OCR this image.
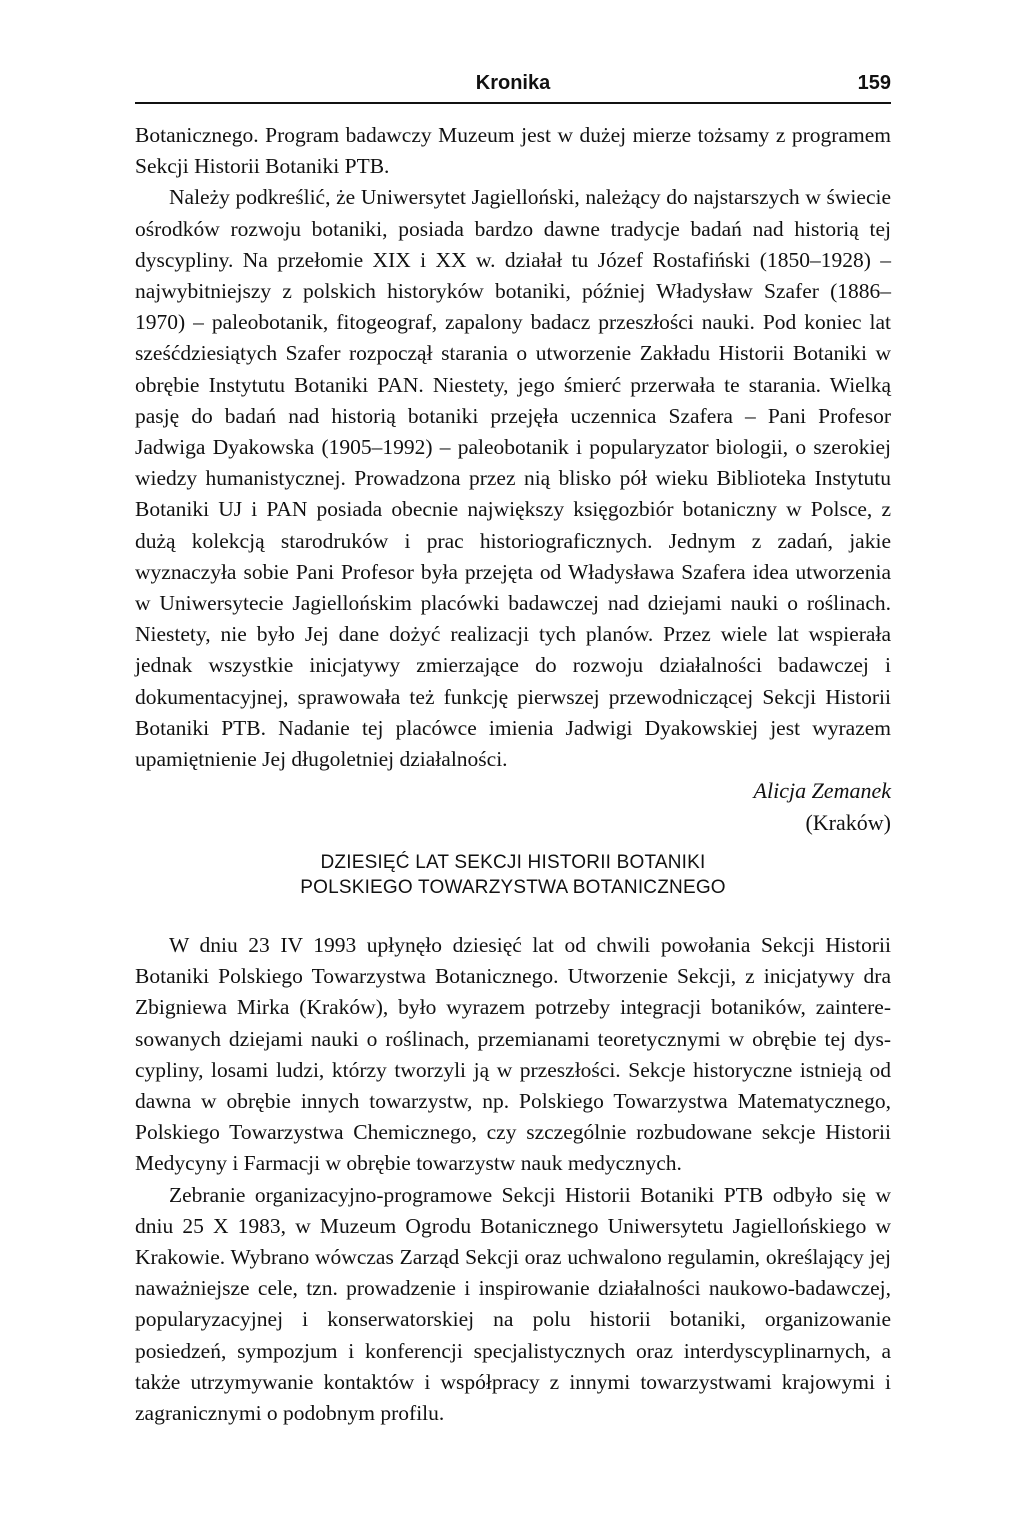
Kronika	159

Botanicznego. Program badawczy Muzeum jest w dużej mierze tożsamy z programem Sekcji Historii Botaniki PTB.

Należy podkreślić, że Uniwersytet Jagielloński, należący do najstarszych w świecie ośrodków rozwoju botaniki, posiada bardzo dawne tradycje badań nad historią tej dyscypliny. Na przełomie XIX i XX w. działał tu Józef Rostafiński (1850–1928) – najwybitniejszy z polskich historyków botaniki, później Władysław Szafer (1886–1970) – paleobotanik, fitogeograf, zapalony badacz przeszłości nauki. Pod koniec lat sześćdziesiątych Szafer rozpoczął starania o utworzenie Zakładu Historii Botaniki w obrębie Instytutu Botaniki PAN. Niestety, jego śmierć przerwała te starania. Wielką pasję do badań nad historią botaniki przejęła uczennica Szafera – Pani Profesor Jadwiga Dyakowska (1905–1992) – paleobotanik i popularyzator biologii, o szerokiej wiedzy humanistycznej. Prowadzona przez nią blisko pół wieku Biblioteka Instytutu Botaniki UJ i PAN posiada obecnie największy księgozbiór botaniczny w Polsce, z dużą kolekcją starodruków i prac historiograficznych. Jednym z zadań, jakie wyznaczyła sobie Pani Profesor była przejęta od Władysława Szafera idea utworzenia w Uniwersytecie Jagiellońskim placówki badawczej nad dziejami nauki o roślinach. Niestety, nie było Jej dane dożyć realizacji tych planów. Przez wiele lat wspierała jednak wszystkie inicjatywy zmierzające do rozwoju działalności badawczej i dokumentacyjnej, sprawowała też funkcję pierwszej przewodniczącej Sekcji Historii Botaniki PTB. Nadanie tej placówce imienia Jadwigi Dyakowskiej jest wyrazem upamiętnienie Jej długoletniej działalności.

Alicja Zemanek
(Kraków)
DZIESIĘĆ LAT SEKCJI HISTORII BOTANIKI
POLSKIEGO TOWARZYSTWA BOTANICZNEGO

W dniu 23 IV 1993 upłynęło dziesięć lat od chwili powołania Sekcji Historii Botaniki Polskiego Towarzystwa Botanicznego. Utworzenie Sekcji, z inicjatywy dra Zbigniewa Mirka (Kraków), było wyrazem potrzeby integracji botaników, zainteresowanych dziejami nauki o roślinach, przemianami teoretycznymi w obrębie tej dyscypliny, losami ludzi, którzy tworzyli ją w przeszłości. Sekcje historyczne istnieją od dawna w obrębie innych towarzystw, np. Polskiego Towarzystwa Matematycznego, Polskiego Towarzystwa Chemicznego, czy szczególnie rozbudowane sekcje Historii Medycyny i Farmacji w obrębie towarzystw nauk medycznych.

Zebranie organizacyjno-programowe Sekcji Historii Botaniki PTB odbyło się w dniu 25 X 1983, w Muzeum Ogrodu Botanicznego Uniwersytetu Jagiellońskiego w Krakowie. Wybrano wówczas Zarząd Sekcji oraz uchwalono regulamin, określający jej naważniejsze cele, tzn. prowadzenie i inspirowanie działalności naukowo-badawczej, popularyzacyjnej i konserwatorskiej na polu historii botaniki, organizowanie posiedzeń, sympozjum i konferencji specjalistycznych oraz interdyscyplinarnych, a także utrzymywanie kontaktów i współpracy z innymi towarzystwami krajowymi i zagranicznymi o podobnym profilu.
